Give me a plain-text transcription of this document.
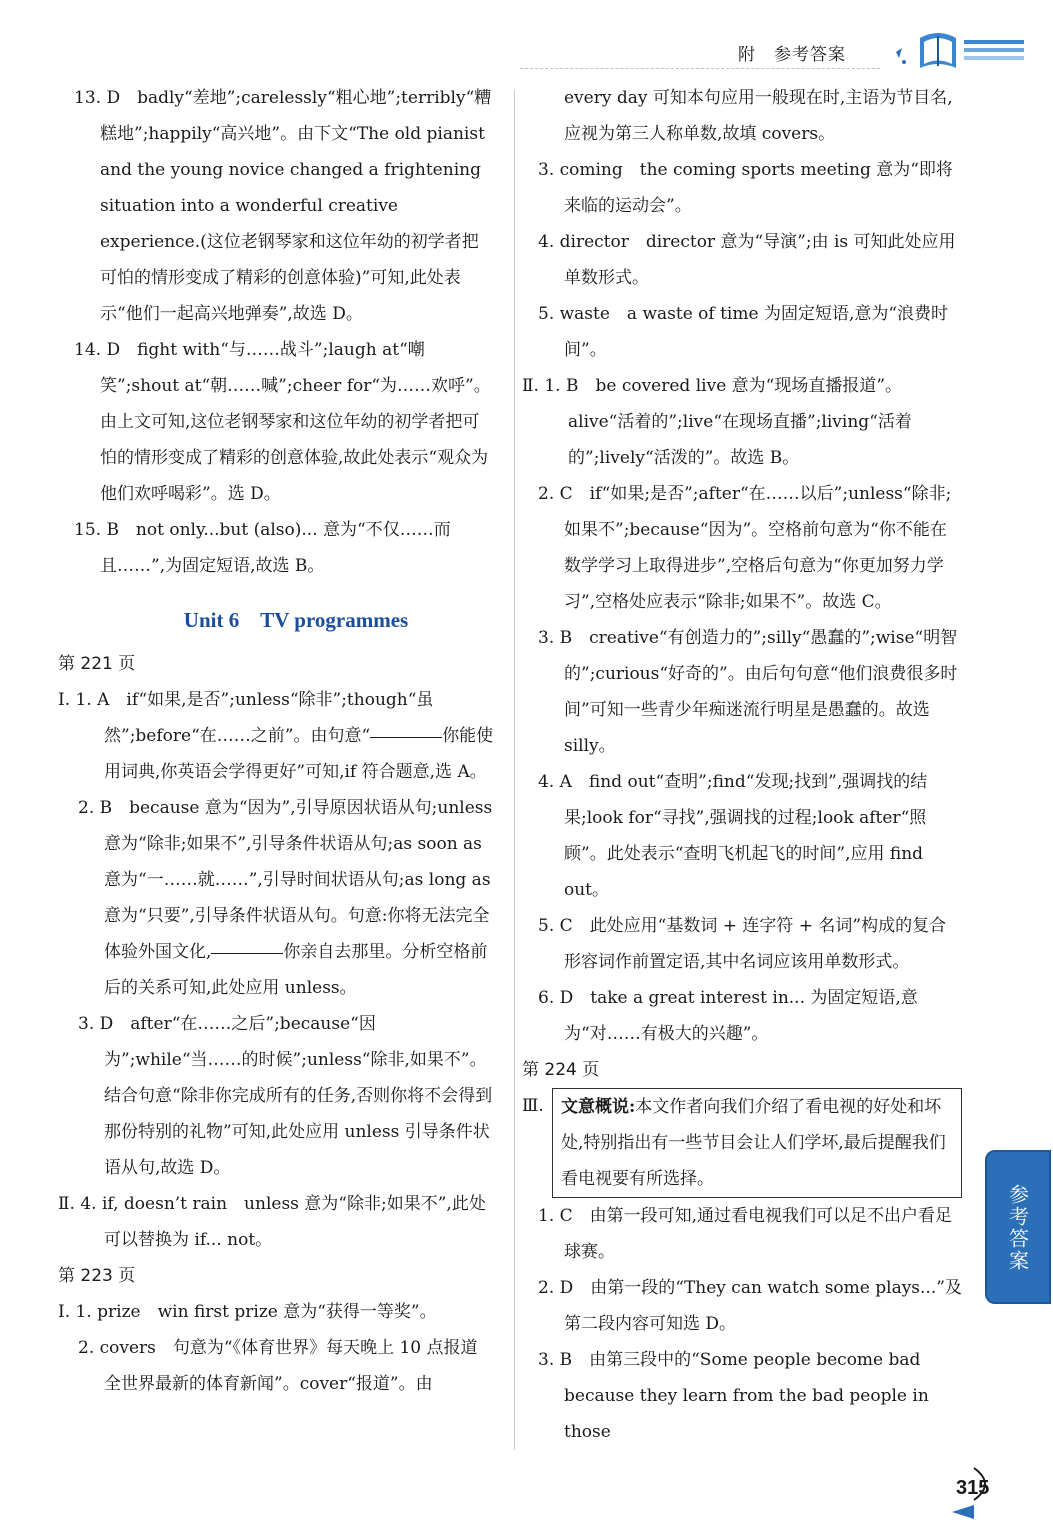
附　参考答案
13. D　badly“差地”;carelessly“粗心地”;terribly“糟糕地”;happily“高兴地”。由下文“The old pianist and the young novice changed a frightening situation into a wonderful creative experience.(这位老钢琴家和这位年幼的初学者把可怕的情形变成了精彩的创意体验)”可知,此处表示“他们一起高兴地弹奏”,故选 D。
14. D　fight with“与……战斗”;laugh at“嘲笑”;shout at“朝……喊”;cheer for“为……欢呼”。由上文可知,这位老钢琴家和这位年幼的初学者把可怕的情形变成了精彩的创意体验,故此处表示“观众为他们欢呼喝彩”。选 D。
15. B　not only...but (also)... 意为“不仅……而且……”,为固定短语,故选 B。
Unit 6　TV programmes
第 221 页
Ⅰ. 1. A　if“如果,是否”;unless“除非”;though“虽然”;before“在……之前”。由句意“	你能使用词典,你英语会学得更好”可知,if 符合题意,选 A。
2. B　because 意为“因为”,引导原因状语从句;unless 意为“除非;如果不”,引导条件状语从句;as soon as 意为“一……就……”,引导时间状语从句;as long as 意为“只要”,引导条件状语从句。句意:你将无法完全体验外国文化,	你亲自去那里。分析空格前后的关系可知,此处应用 unless。
3. D　after“在……之后”;because“因为”;while“当……的时候”;unless“除非,如果不”。结合句意“除非你完成所有的任务,否则你将不会得到那份特别的礼物”可知,此处应用 unless 引导条件状语从句,故选 D。
Ⅱ. 4. if, doesn’t rain　unless 意为“除非;如果不”,此处可以替换为 if... not。
第 223 页
Ⅰ. 1. prize　win first prize 意为“获得一等奖”。
2. covers　句意为“《体育世界》每天晚上 10 点报道全世界最新的体育新闻”。cover“报道”。由
every day 可知本句应用一般现在时,主语为节目名,应视为第三人称单数,故填 covers。
3. coming　the coming sports meeting 意为“即将来临的运动会”。
4. director　director 意为“导演”;由 is 可知此处应用单数形式。
5. waste　a waste of time 为固定短语,意为“浪费时间”。
Ⅱ. 1. B　be covered live 意为“现场直播报道”。alive“活着的”;live“在现场直播”;living“活着的”;lively“活泼的”。故选 B。
2. C　if“如果;是否”;after“在……以后”;unless“除非;如果不”;because“因为”。空格前句意为“你不能在数学学习上取得进步”,空格后句意为“你更加努力学习”,空格处应表示“除非;如果不”。故选 C。
3. B　creative“有创造力的”;silly“愚蠢的”;wise“明智的”;curious“好奇的”。由后句句意“他们浪费很多时间”可知一些青少年痴迷流行明星是愚蠢的。故选 silly。
4. A　find out“查明”;find“发现;找到”,强调找的结果;look for“寻找”,强调找的过程;look after“照顾”。此处表示“查明飞机起飞的时间”,应用 find out。
5. C　此处应用“基数词 + 连字符 + 名词”构成的复合形容词作前置定语,其中名词应该用单数形式。
6. D　take a great interest in... 为固定短语,意为“对……有极大的兴趣”。
第 224 页
Ⅲ.	文意概说:本文作者向我们介绍了看电视的好处和坏处,特别指出有一些节目会让人们学坏,最后提醒我们看电视要有所选择。
1. C　由第一段可知,通过看电视我们可以足不出户看足球赛。
2. D　由第一段的“They can watch some plays...”及第二段内容可知选 D。
3. B　由第三段中的“Some people become bad because they learn from the bad people in those
参考答案
315
